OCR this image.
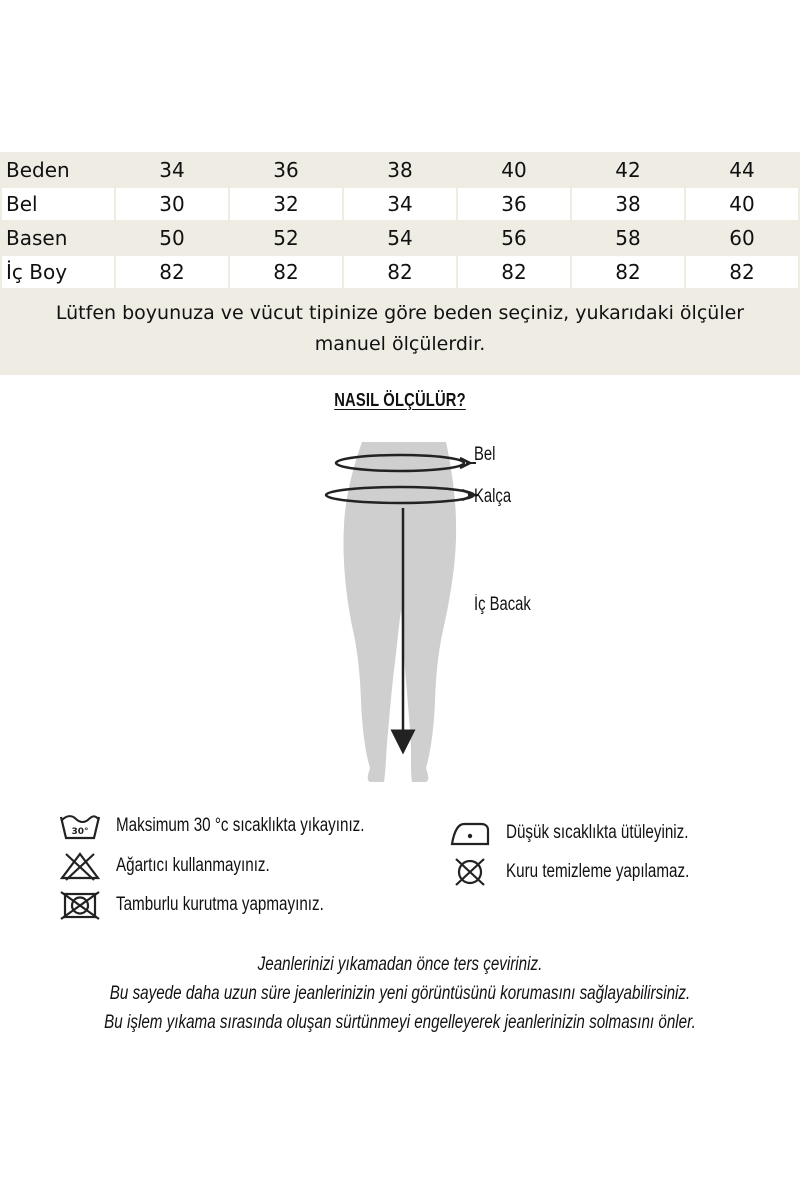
Beden	34	36	38	40	42	44
Bel	30	32	34	36	38	40
Basen	50	52	54	56	58	60
İç Boy	82	82	82	82	82	82
Lütfen boyunuza ve vücut tipinize göre beden seçiniz, yukarıdaki ölçüler
manuel ölçülerdir.
NASIL ÖLÇÜLÜR?
Bel
Kalça
İç Bacak
30° Maksimum 30 °c sıcaklıkta yıkayınız.
Ağartıcı kullanmayınız.
Tamburlu kurutma yapmayınız.
Düşük sıcaklıkta ütüleyiniz.
Kuru temizleme yapılamaz.
Jeanlerinizi yıkamadan önce ters çeviriniz.
Bu sayede daha uzun süre jeanlerinizin yeni görüntüsünü korumasını sağlayabilirsiniz.
Bu işlem yıkama sırasında oluşan sürtünmeyi engelleyerek jeanlerinizin solmasını önler.
